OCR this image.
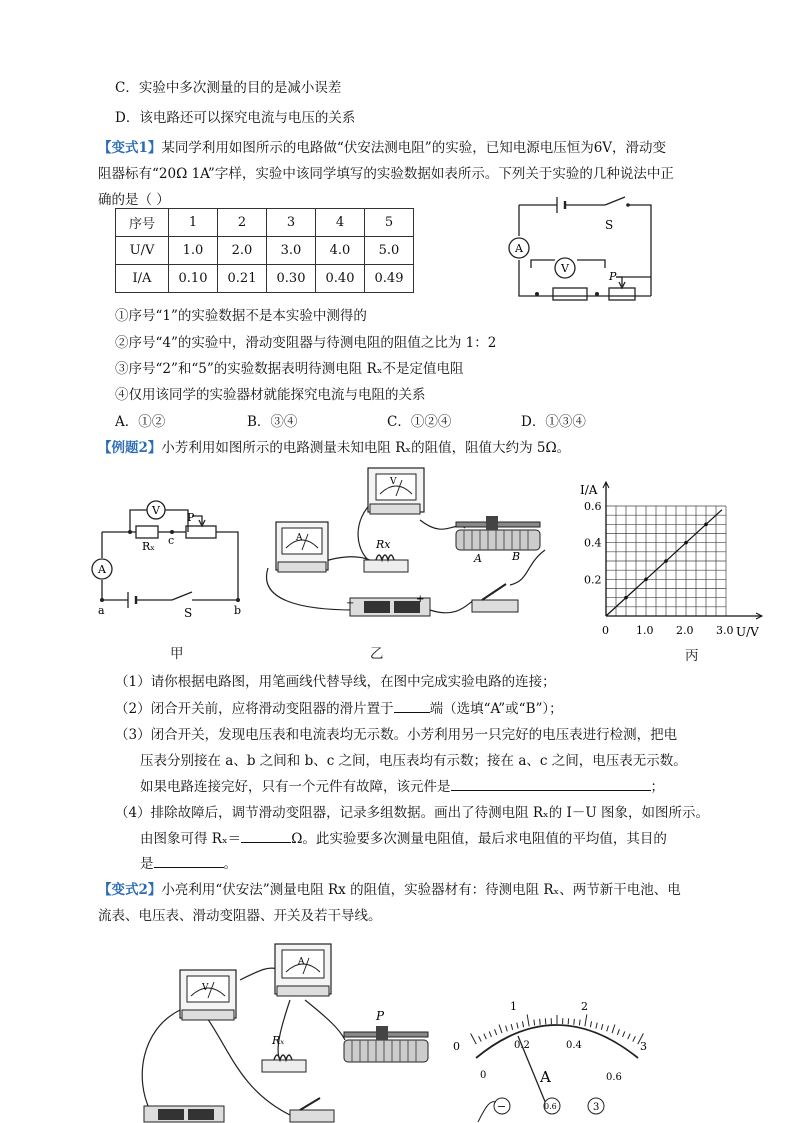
C．实验中多次测量的目的是减小误差
D．该电路还可以探究电流与电压的关系
【变式1】某同学利用如图所示的电路做“伏安法测电阻”的实验，已知电源电压恒为6V，滑动变
阻器标有“20Ω 1A”字样，实验中该同学填写的实验数据如表所示。下列关于实验的几种说法中正
确的是（ ）
序号	1	2	3	4	5
U/V	1.0	2.0	3.0	4.0	5.0
I/A	0.10	0.21	0.30	0.40	0.49
A
V
P
S
①序号“1”的实验数据不是本实验中测得的
②序号“4”的实验中，滑动变阻器与待测电阻的阻值之比为 1：2
③序号“2”和“5”的实验数据表明待测电阻 Rₓ不是定值电阻
④仅用该同学的实验器材就能探究电流与电阻的关系
A．①②	B．③④	C．①②④	D．①③④
【例题2】小芳利用如图所示的电路测量未知电阻 Rₓ的阻值，阻值大约为 5Ω。
V
A
Rₓ
P
c
a	b
S
V
A	Rx
A	B
−	+
U/V
I/A
0 1.0 2.0 3.0
0.2
0.4
0.6
甲	乙	丙
（1）请你根据电路图，用笔画线代替导线，在图中完成实验电路的连接；
（2）闭合开关前，应将滑动变阻器的滑片置于	端（选填“A”或“B”）；
（3）闭合开关，发现电压表和电流表均无示数。小芳利用另一只完好的电压表进行检测，把电
压表分别接在 a、b 之间和 b、c 之间，电压表均有示数；接在 a、c 之间，电压表无示数。
如果电路连接完好，只有一个元件有故障，该元件是	；
（4）排除故障后，调节滑动变阻器，记录多组数据。画出了待测电阻 Rₓ的 I－U 图象，如图所示。
由图象可得 Rₓ＝	Ω。此实验要多次测量电阻值，最后求电阻值的平均值，其目的
是	。
【变式2】小亮利用“伏安法”测量电阻 Rx 的阻值，实验器材有：待测电阻 Rₓ、两节新干电池、电
流表、电压表、滑动变阻器、开关及若干导线。
V
A
Rₓ
P
0
1	2
3
0
0.2	0.4
0.6
A
−	0.6	3
